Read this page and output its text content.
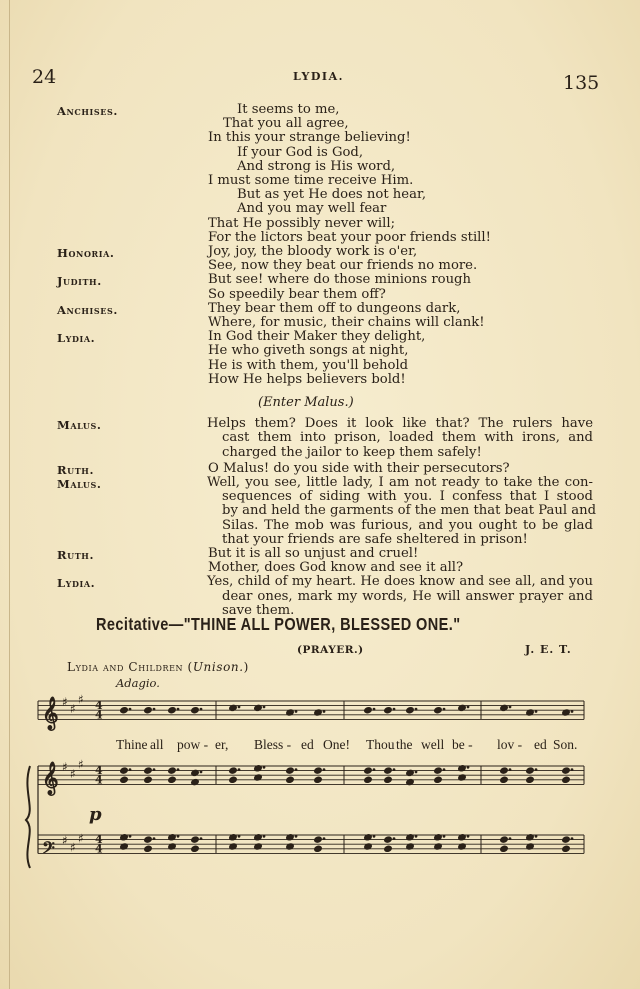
24	LYDIA.	135
Anchises.	It seems to me,
That you all agree,
In this your strange believing!
If your God is God,
And strong is His word,
I must some time receive Him.
But as yet He does not hear,
And you may well fear
That He possibly never will;
For the lictors beat your poor friends still!
Honoria.	Joy, joy, the bloody work is o'er,
See, now they beat our friends no more.
Judith.	But see! where do those minions rough
So speedily bear them off?
Anchises.	They bear them off to dungeons dark,
Where, for music, their chains will clank!
Lydia.	In God their Maker they delight,
He who giveth songs at night,
He is with them, you'll behold
How He helps believers bold!
(Enter Malus.)
Malus.	Helps them? Does it look like that? The rulers have
cast them into prison, loaded them with irons, and
charged the jailor to keep them safely!
Ruth.	O Malus! do you side with their persecutors?
Malus.	Well, you see, little lady, I am not ready to take the con-
sequences of siding with you. I confess that I stood
by and held the garments of the men that beat Paul and
Silas. The mob was furious, and you ought to be glad
that your friends are safe sheltered in prison!
Ruth.	But it is all so unjust and cruel!
Mother, does God know and see it all?
Lydia.	Yes, child of my heart. He does know and see all, and you
dear ones, mark my words, He will answer prayer and
save them.
Recitative—"THINE ALL POWER, BLESSED ONE."
(PRAYER.)	J. E. T.
Lydia and Children (Unison.)
Adagio.
p
𝄞 ♯ ♯
♯ 4
4
𝄞 ♯ ♯
♯ 4
4
𝄢 ♯ ♯
♯ 4
4
Thine all pow - er, Bless - ed One! Thou the well be - lov - ed Son.
